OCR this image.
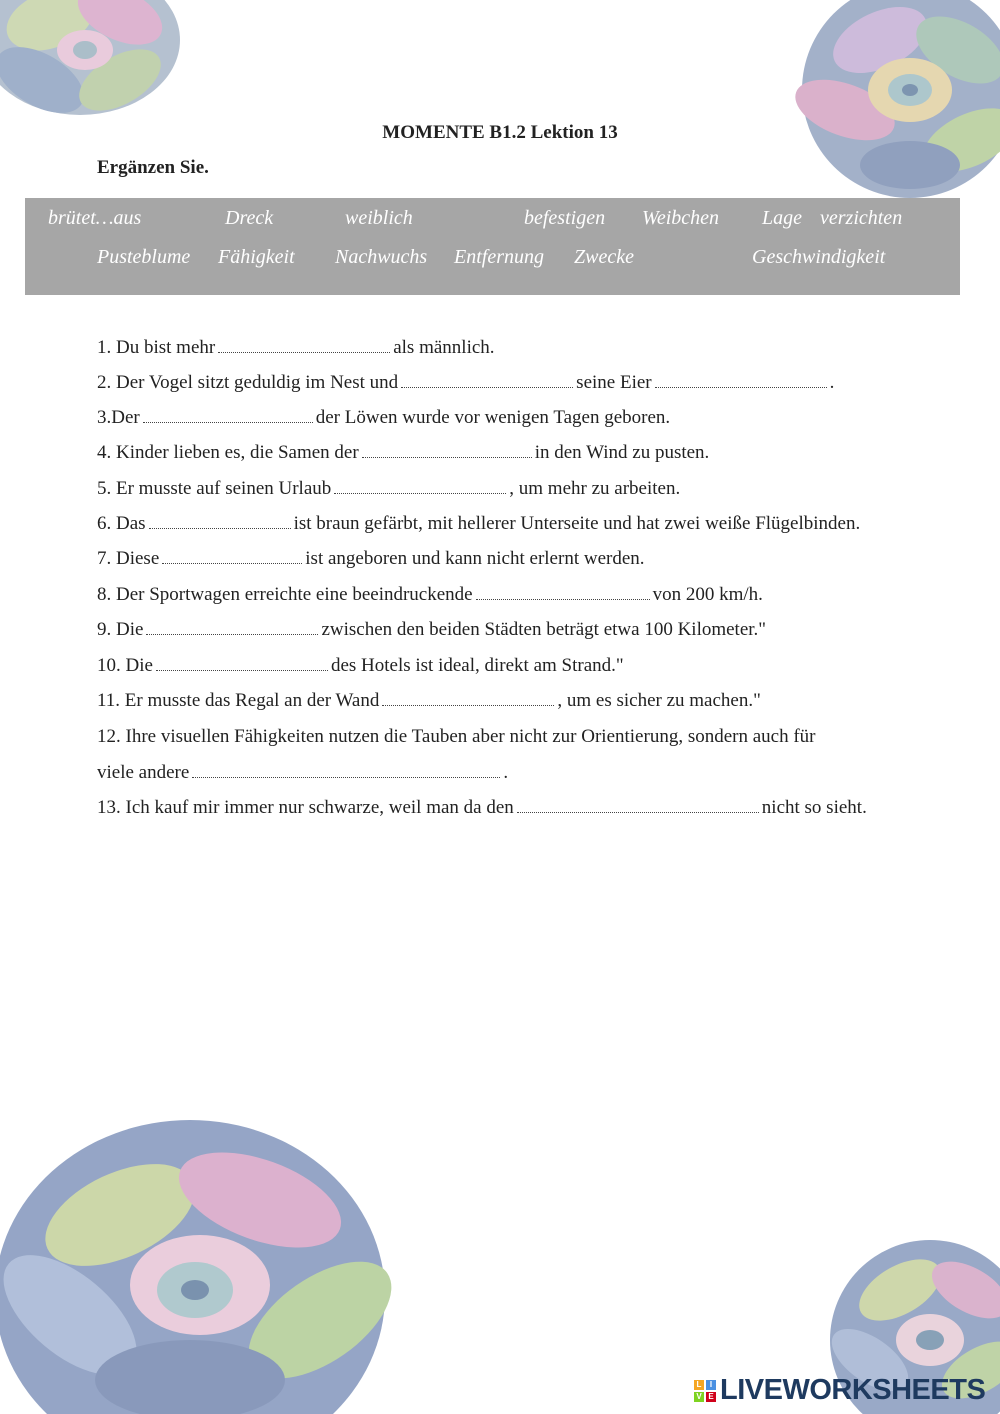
MOMENTE B1.2 Lektion 13
Ergänzen Sie.
brütet…aus	Dreck	weiblich	befestigen Weibchen Lage verzichten
Pusteblume Fähigkeit Nachwuchs Entfernung Zwecke	Geschwindigkeit
1. Du bist mehr	als männlich.
2. Der Vogel sitzt geduldig im Nest und	seine Eier	.
3.Der	der Löwen wurde vor wenigen Tagen geboren.
4. Kinder lieben es, die Samen der	in den Wind zu pusten.
5. Er musste auf seinen Urlaub	, um mehr zu arbeiten.
6. Das	ist braun gefärbt, mit hellerer Unterseite und hat zwei weiße Flügelbinden.
7. Diese	ist angeboren und kann nicht erlernt werden.
8. Der Sportwagen erreichte eine beeindruckende	von 200 km/h.
9. Die	zwischen den beiden Städten beträgt etwa 100 Kilometer."
10. Die	des Hotels ist ideal, direkt am Strand."
11. Er musste das Regal an der Wand	, um es sicher zu machen."
12. Ihre visuellen Fähigkeiten nutzen die Tauben aber nicht zur Orientierung, sondern auch für
viele andere	.
13. Ich kauf mir immer nur schwarze, weil man da den	nicht so sieht.
L	I
V E LIVEWORKSHEETS
